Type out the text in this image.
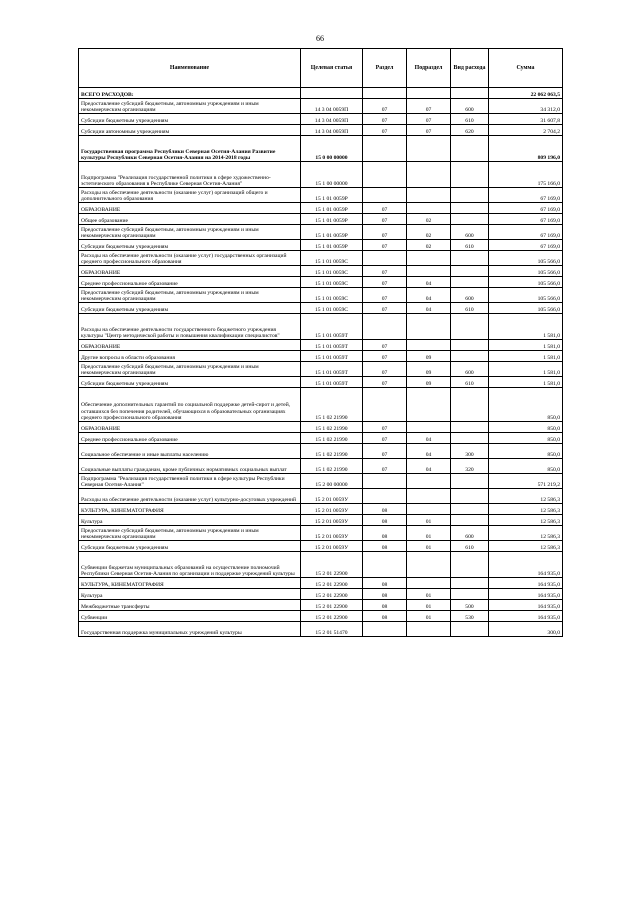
66
Наименование	Целевая статья	Раздел	Подраздел	Вид расхода	Сумма
ВСЕГО РАСХОДОВ:					22 062 063,5
Предоставление субсидий бюджетным, автономным учреждениям и иным некоммерческим организациям	14 3 04 0059П	07	07	600	34 312,0
Субсидии бюджетным учреждениям	14 3 04 0059П	07	07	610	31 607,8
Субсидии автономным учреждениям	14 3 04 0059П	07	07	620	2 704,2
Государственная программа Республики Северная Осетия-Алания Развитие культуры Республики Северная Осетия-Алания на 2014-2018 годы	15 0 00 00000				809 196,0
Подпрограмма "Реализация государственной политики в сфере художественно-эстетического образования в Республике Северная Осетия-Алания"	15 1 00 00000				175 166,0
Расходы на обеспечение деятельности (оказание услуг) организаций общего и дополнительного образования	15 1 01 0059Р				67 169,0
ОБРАЗОВАНИЕ	15 1 01 0059Р	07			67 169,0
Общее образование	15 1 01 0059Р	07	02		67 169,0
Предоставление субсидий бюджетным, автономным учреждениям и иным некоммерческим организациям	15 1 01 0059Р	07	02	600	67 169,0
Субсидии бюджетным учреждениям	15 1 01 0059Р	07	02	610	67 169,0
Расходы на обеспечение деятельности (оказание услуг) государственных организаций среднего профессионального образования	15 1 01 0059С				105 566,0
ОБРАЗОВАНИЕ	15 1 01 0059С	07			105 566,0
Среднее профессиональное образование	15 1 01 0059С	07	04		105 566,0
Предоставление субсидий бюджетным, автономным учреждениям и иным некоммерческим организациям	15 1 01 0059С	07	04	600	105 566,0
Субсидии бюджетным учреждениям	15 1 01 0059С	07	04	610	105 566,0
Расходы на обеспечение деятельности государственного бюджетного учреждения культуры "Центр методической работы и повышения квалификации специалистов"	15 1 01 0059Т				1 581,0
ОБРАЗОВАНИЕ	15 1 01 0059Т	07			1 581,0
Другие вопросы в области образования	15 1 01 0059Т	07	09		1 581,0
Предоставление субсидий бюджетным, автономным учреждениям и иным некоммерческим организациям	15 1 01 0059Т	07	09	600	1 581,0
Субсидии бюджетным учреждениям	15 1 01 0059Т	07	09	610	1 581,0
Обеспечение дополнительных гарантий по социальной поддержке детей-сирот и детей, оставшихся без попечения родителей, обучающихся в образовательных организациях среднего профессионального образования	15 1 02 21990				850,0
ОБРАЗОВАНИЕ	15 1 02 21990	07			850,0
Среднее профессиональное образование	15 1 02 21990	07	04		850,0
Социальное обеспечение и иные выплаты населению	15 1 02 21990	07	04	300	850,0
Социальные выплаты гражданам, кроме публичных нормативных социальных выплат	15 1 02 21990	07	04	320	850,0
Подпрограмма "Реализация государственной политики в сфере культуры Республики Северная Осетия-Алания"	15 2 00 00000				571 219,2
Расходы на обеспечение деятельности (оказание услуг) культурно-досуговых учреждений	15 2 01 0059У				12 586,3
КУЛЬТУРА, КИНЕМАТОГРАФИЯ	15 2 01 0059У	08			12 586,3
Культура	15 2 01 0059У	08	01		12 586,3
Предоставление субсидий бюджетным, автономным учреждениям и иным некоммерческим организациям	15 2 01 0059У	08	01	600	12 586,3
Субсидии бюджетным учреждениям	15 2 01 0059У	08	01	610	12 586,3
Субвенции бюджетам муниципальных образований на осуществление полномочий Республики Северная Осетия-Алания по организации и поддержке учреждений культуры	15 2 01 22900				164 935,0
КУЛЬТУРА, КИНЕМАТОГРАФИЯ	15 2 01 22900	08			164 935,0
Культура	15 2 01 22900	08	01		164 935,0
Межбюджетные трансферты	15 2 01 22900	08	01	500	164 935,0
Субвенции	15 2 01 22900	08	01	530	164 935,0
Государственная поддержка муниципальных учреждений культуры	15 2 01 51470				300,0
